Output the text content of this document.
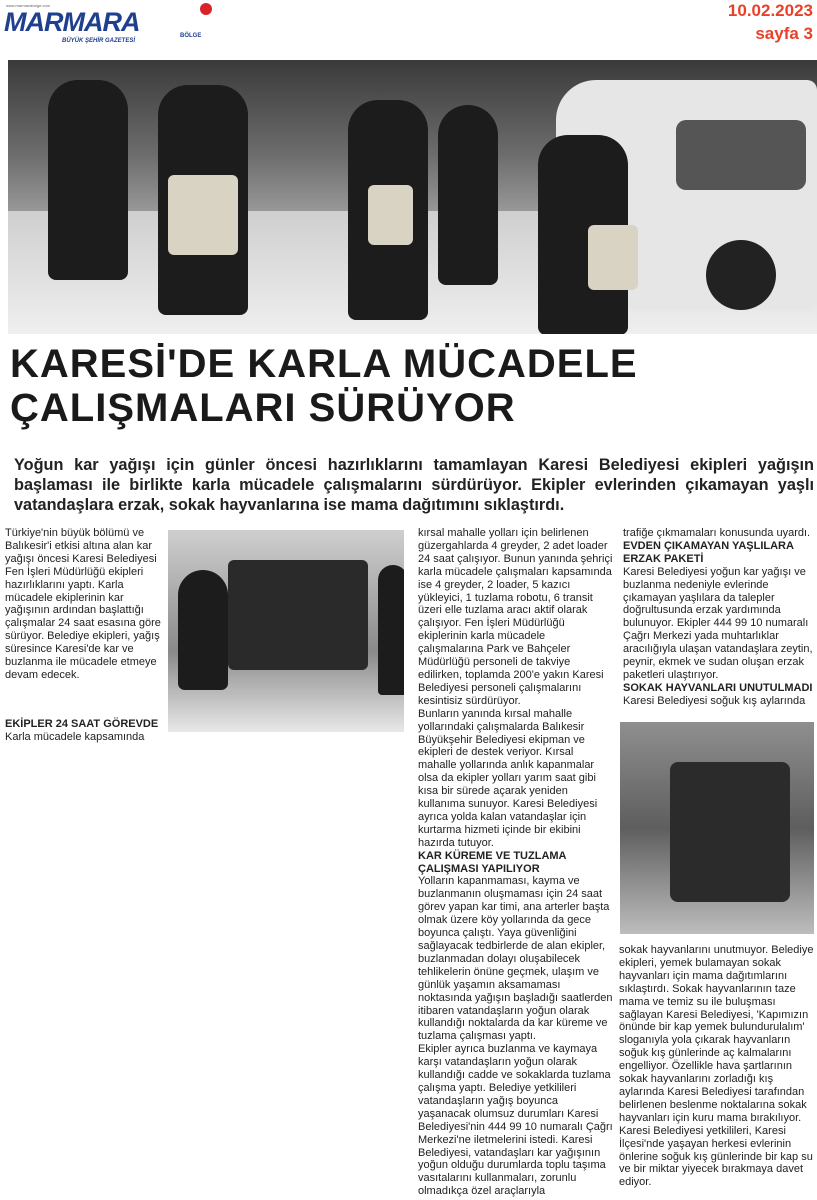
www.marmarabolge.com
MARMARA	BÖLGE
BÜYÜK ŞEHİR GAZETESİ
10.02.2023
sayfa 3
KARESİ'DE KARLA MÜCADELE
ÇALIŞMALARI SÜRÜYOR
Yoğun kar yağışı için günler öncesi hazırlıklarını tamamlayan Karesi Belediyesi ekipleri yağışın başlaması ile birlikte karla mücadele çalışmalarını sürdürüyor. Ekipler evlerinden çıkamayan yaşlı vatandaşlara erzak, sokak hayvanlarına ise mama dağıtımını sıklaştırdı.

Türkiye'nin büyük bölümü ve Balıkesir'i etkisi altına alan kar yağışı öncesi Karesi Belediyesi Fen İşleri Müdürlüğü ekipleri hazırlıklarını yaptı. Karla mücadele ekiplerinin kar yağışının ardından başlattığı çalışmalar 24 saat esasına göre sürüyor. Belediye ekipleri, yağış süresince Karesi'de kar ve buzlanma ile mücadele etmeye devam edecek.

EKİPLER 24 SAAT GÖREVDE

Karla mücadele kapsamında

kırsal mahalle yolları için belirlenen güzergahlarda 4 greyder, 2 adet loader 24 saat çalışıyor. Bunun yanında şehriçi karla mücadele çalışmaları kapsamında ise 4 greyder, 2 loader, 5 kazıcı yükleyici, 1 tuzlama robotu, 6 transit üzeri elle tuzlama aracı aktif olarak çalışıyor. Fen İşleri Müdürlüğü ekiplerinin karla mücadele çalışmalarına Park ve Bahçeler Müdürlüğü personeli de takviye edilirken, toplamda 200'e yakın Karesi Belediyesi personeli çalışmalarını kesintisiz sürdürüyor.

Bunların yanında kırsal mahalle yollarındaki çalışmalarda Balıkesir Büyükşehir Belediyesi ekipman ve ekipleri de destek veriyor. Kırsal mahalle yollarında anlık kapanmalar olsa da ekipler yolları yarım saat gibi kısa bir sürede açarak yeniden kullanıma sunuyor. Karesi Belediyesi ayrıca yolda kalan vatandaşlar için kurtarma hizmeti içinde bir ekibini hazırda tutuyor.

KAR KÜREME VE TUZLAMA ÇALIŞMASI YAPILIYOR

Yolların kapanmaması, kayma ve buzlanmanın oluşmaması için 24 saat görev yapan kar timi, ana arterler başta olmak üzere köy yollarında da gece boyunca çalıştı. Yaya güvenliğini sağlayacak tedbirlerde de alan ekipler, buzlanmadan dolayı oluşabilecek tehlikelerin önüne geçmek, ulaşım ve günlük yaşamın aksamaması noktasında yağışın başladığı saatlerden itibaren vatandaşların yoğun olarak kullandığı noktalarda da kar küreme ve tuzlama çalışması yaptı.

Ekipler ayrıca buzlanma ve kaymaya karşı vatandaşların yoğun olarak kullandığı cadde ve sokaklarda tuzlama çalışma yaptı. Belediye yetkilileri vatandaşların yağış boyunca yaşanacak olumsuz durumları Karesi Belediyesi'nin 444 99 10 numaralı Çağrı Merkezi'ne iletmelerini istedi. Karesi Belediyesi, vatandaşları kar yağışının yoğun olduğu durumlarda toplu taşıma vasıtalarını kullanmaları, zorunlu olmadıkça özel araçlarıyla

trafiğe çıkmamaları konusunda uyardı.

EVDEN ÇIKAMAYAN YAŞLILARA ERZAK PAKETİ

Karesi Belediyesi yoğun kar yağışı ve buzlanma nedeniyle evlerinde çıkamayan yaşlılara da talepler doğrultusunda erzak yardımında bulunuyor. Ekipler 444 99 10 numaralı Çağrı Merkezi yada muhtarlıklar aracılığıyla ulaşan vatandaşlara zeytin, peynir, ekmek ve sudan oluşan erzak paketleri ulaştırıyor.

SOKAK HAYVANLARI UNUTULMADI

Karesi Belediyesi soğuk kış aylarında

sokak hayvanlarını unutmuyor. Belediye ekipleri, yemek bulamayan sokak hayvanları için mama dağıtımlarını sıklaştırdı. Sokak hayvanlarının taze mama ve temiz su ile buluşması sağlayan Karesi Belediyesi, 'Kapımızın önünde bir kap yemek bulundurulalım' sloganıyla yola çıkarak hayvanların soğuk kış günlerinde aç kalmalarını engelliyor. Özellikle hava şartlarının sokak hayvanlarını zorladığı kış aylarında Karesi Belediyesi tarafından belirlenen beslenme noktalarına sokak hayvanları için kuru mama bırakılıyor. Karesi Belediyesi yetkilileri, Karesi İlçesi'nde yaşayan herkesi evlerinin önlerine soğuk kış günlerinde bir kap su ve bir miktar yiyecek bırakmaya davet ediyor.
